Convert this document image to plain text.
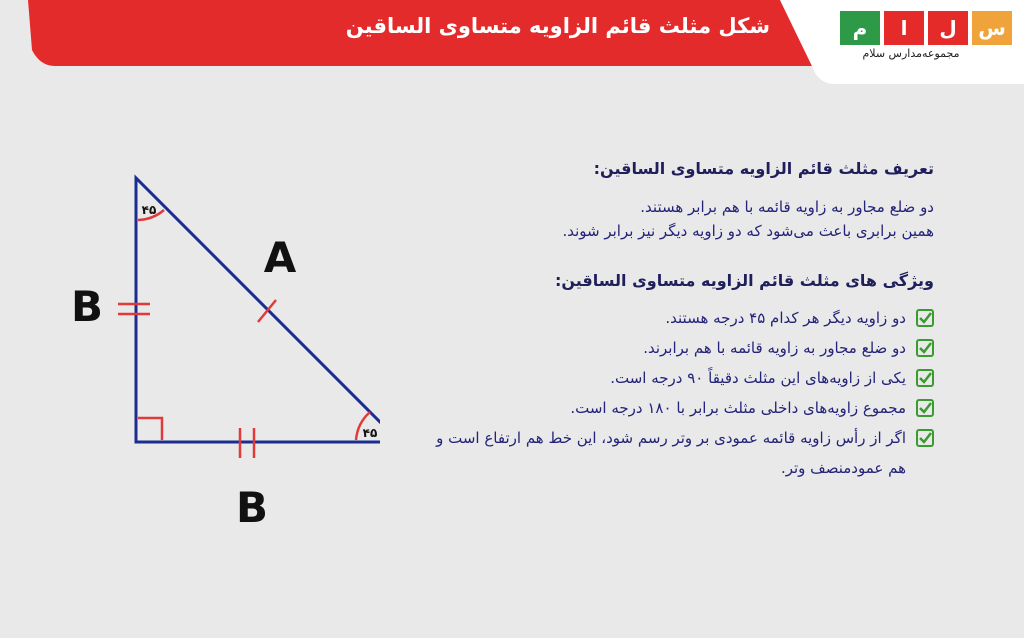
شکل مثلث قائم الزاویه متساوی الساقین	م	ا	ل	س
مجموعه‌مدارس سلام
A
B
B
۴۵
۴۵
تعریف مثلث قائم الزاویه متساوی الساقین:

دو ضلع مجاور به زاویه قائمه با هم برابر هستند.
همین برابری باعث می‌شود که دو زاویه دیگر نیز برابر شوند.

ویژگی های مثلث قائم الزاویه متساوی الساقین:
دو زاویه دیگر هر کدام ۴۵ درجه هستند.
دو ضلع مجاور به زاویه قائمه با هم برابرند.
یکی از زاویه‌های این مثلث دقیقاً ۹۰ درجه است.
مجموع زاویه‌های داخلی مثلث برابر با ۱۸۰ درجه است.
اگر از رأس زاویه قائمه عمودی بر وتر رسم شود، این خط هم ارتفاع است و هم عمودمنصف وتر.
